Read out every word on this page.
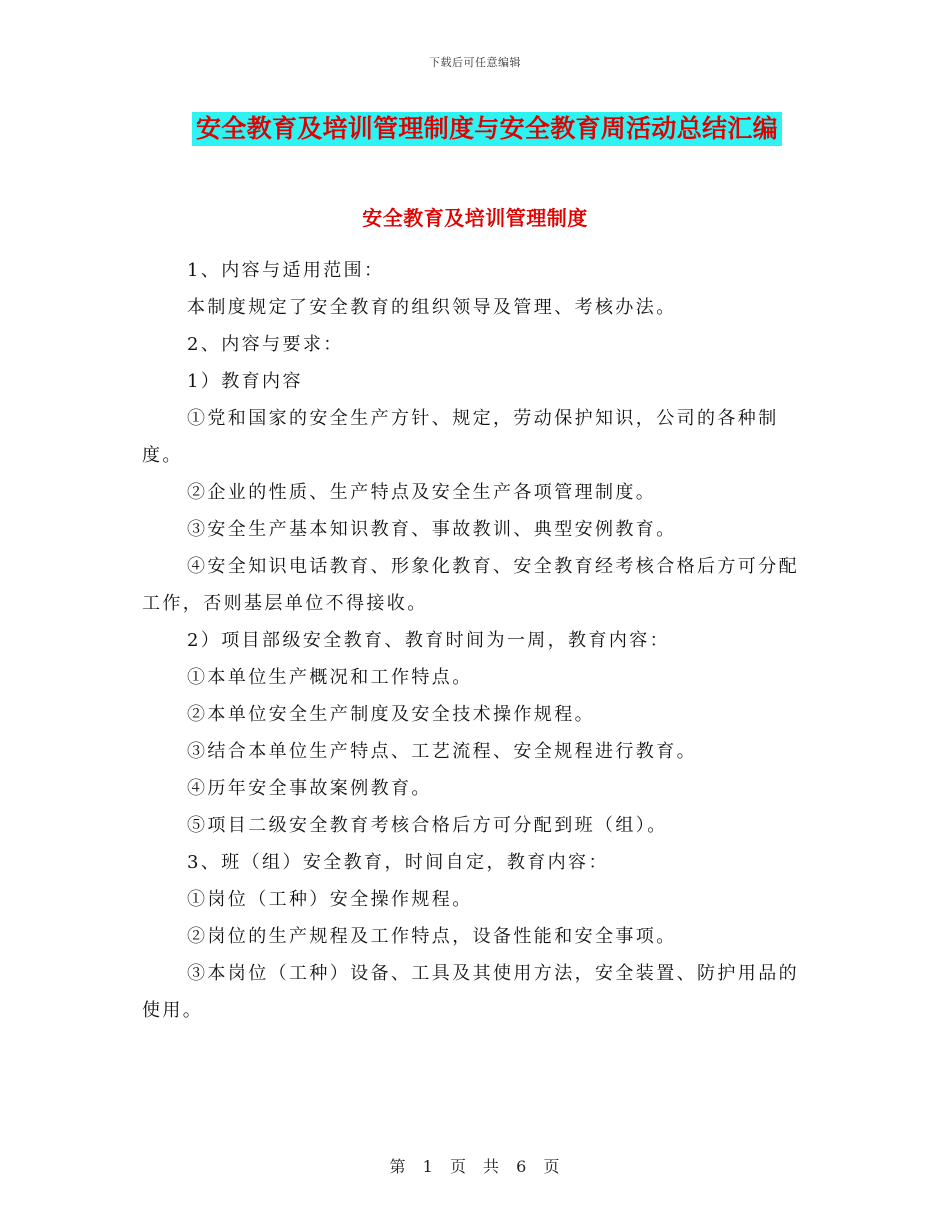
下载后可任意编辑
安全教育及培训管理制度与安全教育周活动总结汇编
安全教育及培训管理制度

1、内容与适用范围：

本制度规定了安全教育的组织领导及管理、考核办法。

2、内容与要求：

1）教育内容

①党和国家的安全生产方针、规定，劳动保护知识，公司的各种制度。

②企业的性质、生产特点及安全生产各项管理制度。

③安全生产基本知识教育、事故教训、典型安例教育。

④安全知识电话教育、形象化教育、安全教育经考核合格后方可分配工作，否则基层单位不得接收。

2）项目部级安全教育、教育时间为一周，教育内容：

①本单位生产概况和工作特点。

②本单位安全生产制度及安全技术操作规程。

③结合本单位生产特点、工艺流程、安全规程进行教育。

④历年安全事故案例教育。

⑤项目二级安全教育考核合格后方可分配到班（组）。

3、班（组）安全教育，时间自定，教育内容：

①岗位（工种）安全操作规程。

②岗位的生产规程及工作特点，设备性能和安全事项。

③本岗位（工种）设备、工具及其使用方法，安全装置、防护用品的使用。

第 1 页 共 6 页
